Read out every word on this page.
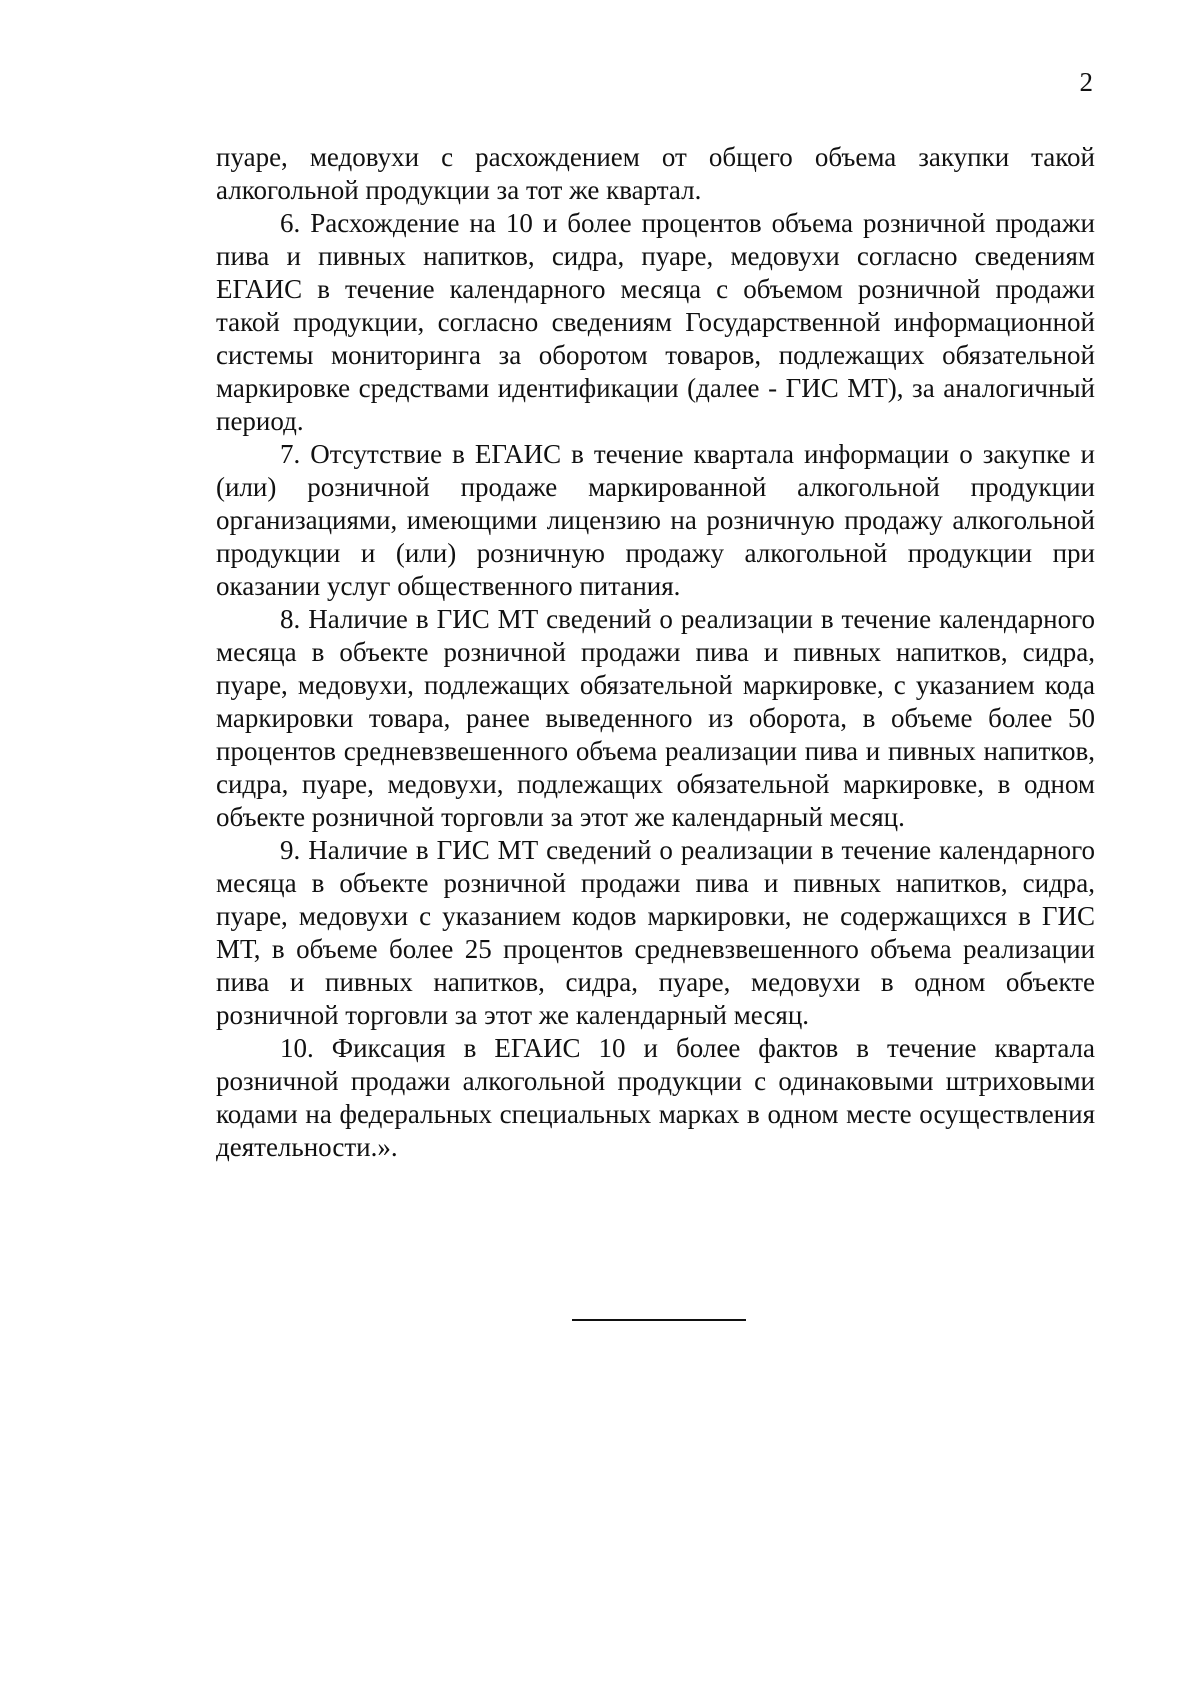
2

пуаре, медовухи с расхождением от общего объема закупки такой алкогольной продукции за тот же квартал.

6. Расхождение на 10 и более процентов объема розничной продажи пива и пивных напитков, сидра, пуаре, медовухи согласно сведениям ЕГАИС в течение календарного месяца с объемом розничной продажи такой продукции, согласно сведениям Государственной информационной системы мониторинга за оборотом товаров, подлежащих обязательной маркировке средствами идентификации (далее - ГИС МТ), за аналогичный период.

7. Отсутствие в ЕГАИС в течение квартала информации о закупке и (или) розничной продаже маркированной алкогольной продукции организациями, имеющими лицензию на розничную продажу алкогольной продукции и (или) розничную продажу алкогольной продукции при оказании услуг общественного питания.

8. Наличие в ГИС МТ сведений о реализации в течение календарного месяца в объекте розничной продажи пива и пивных напитков, сидра, пуаре, медовухи, подлежащих обязательной маркировке, с указанием кода маркировки товара, ранее выведенного из оборота, в объеме более 50 процентов средневзвешенного объема реализации пива и пивных напитков, сидра, пуаре, медовухи, подлежащих обязательной маркировке, в одном объекте розничной торговли за этот же календарный месяц.

9. Наличие в ГИС МТ сведений о реализации в течение календарного месяца в объекте розничной продажи пива и пивных напитков, сидра, пуаре, медовухи с указанием кодов маркировки, не содержащихся в ГИС МТ, в объеме более 25 процентов средневзвешенного объема реализации пива и пивных напитков, сидра, пуаре, медовухи в одном объекте розничной торговли за этот же календарный месяц.

10. Фиксация в ЕГАИС 10 и более фактов в течение квартала розничной продажи алкогольной продукции с одинаковыми штриховыми кодами на федеральных специальных марках в одном месте осуществления деятельности.».
